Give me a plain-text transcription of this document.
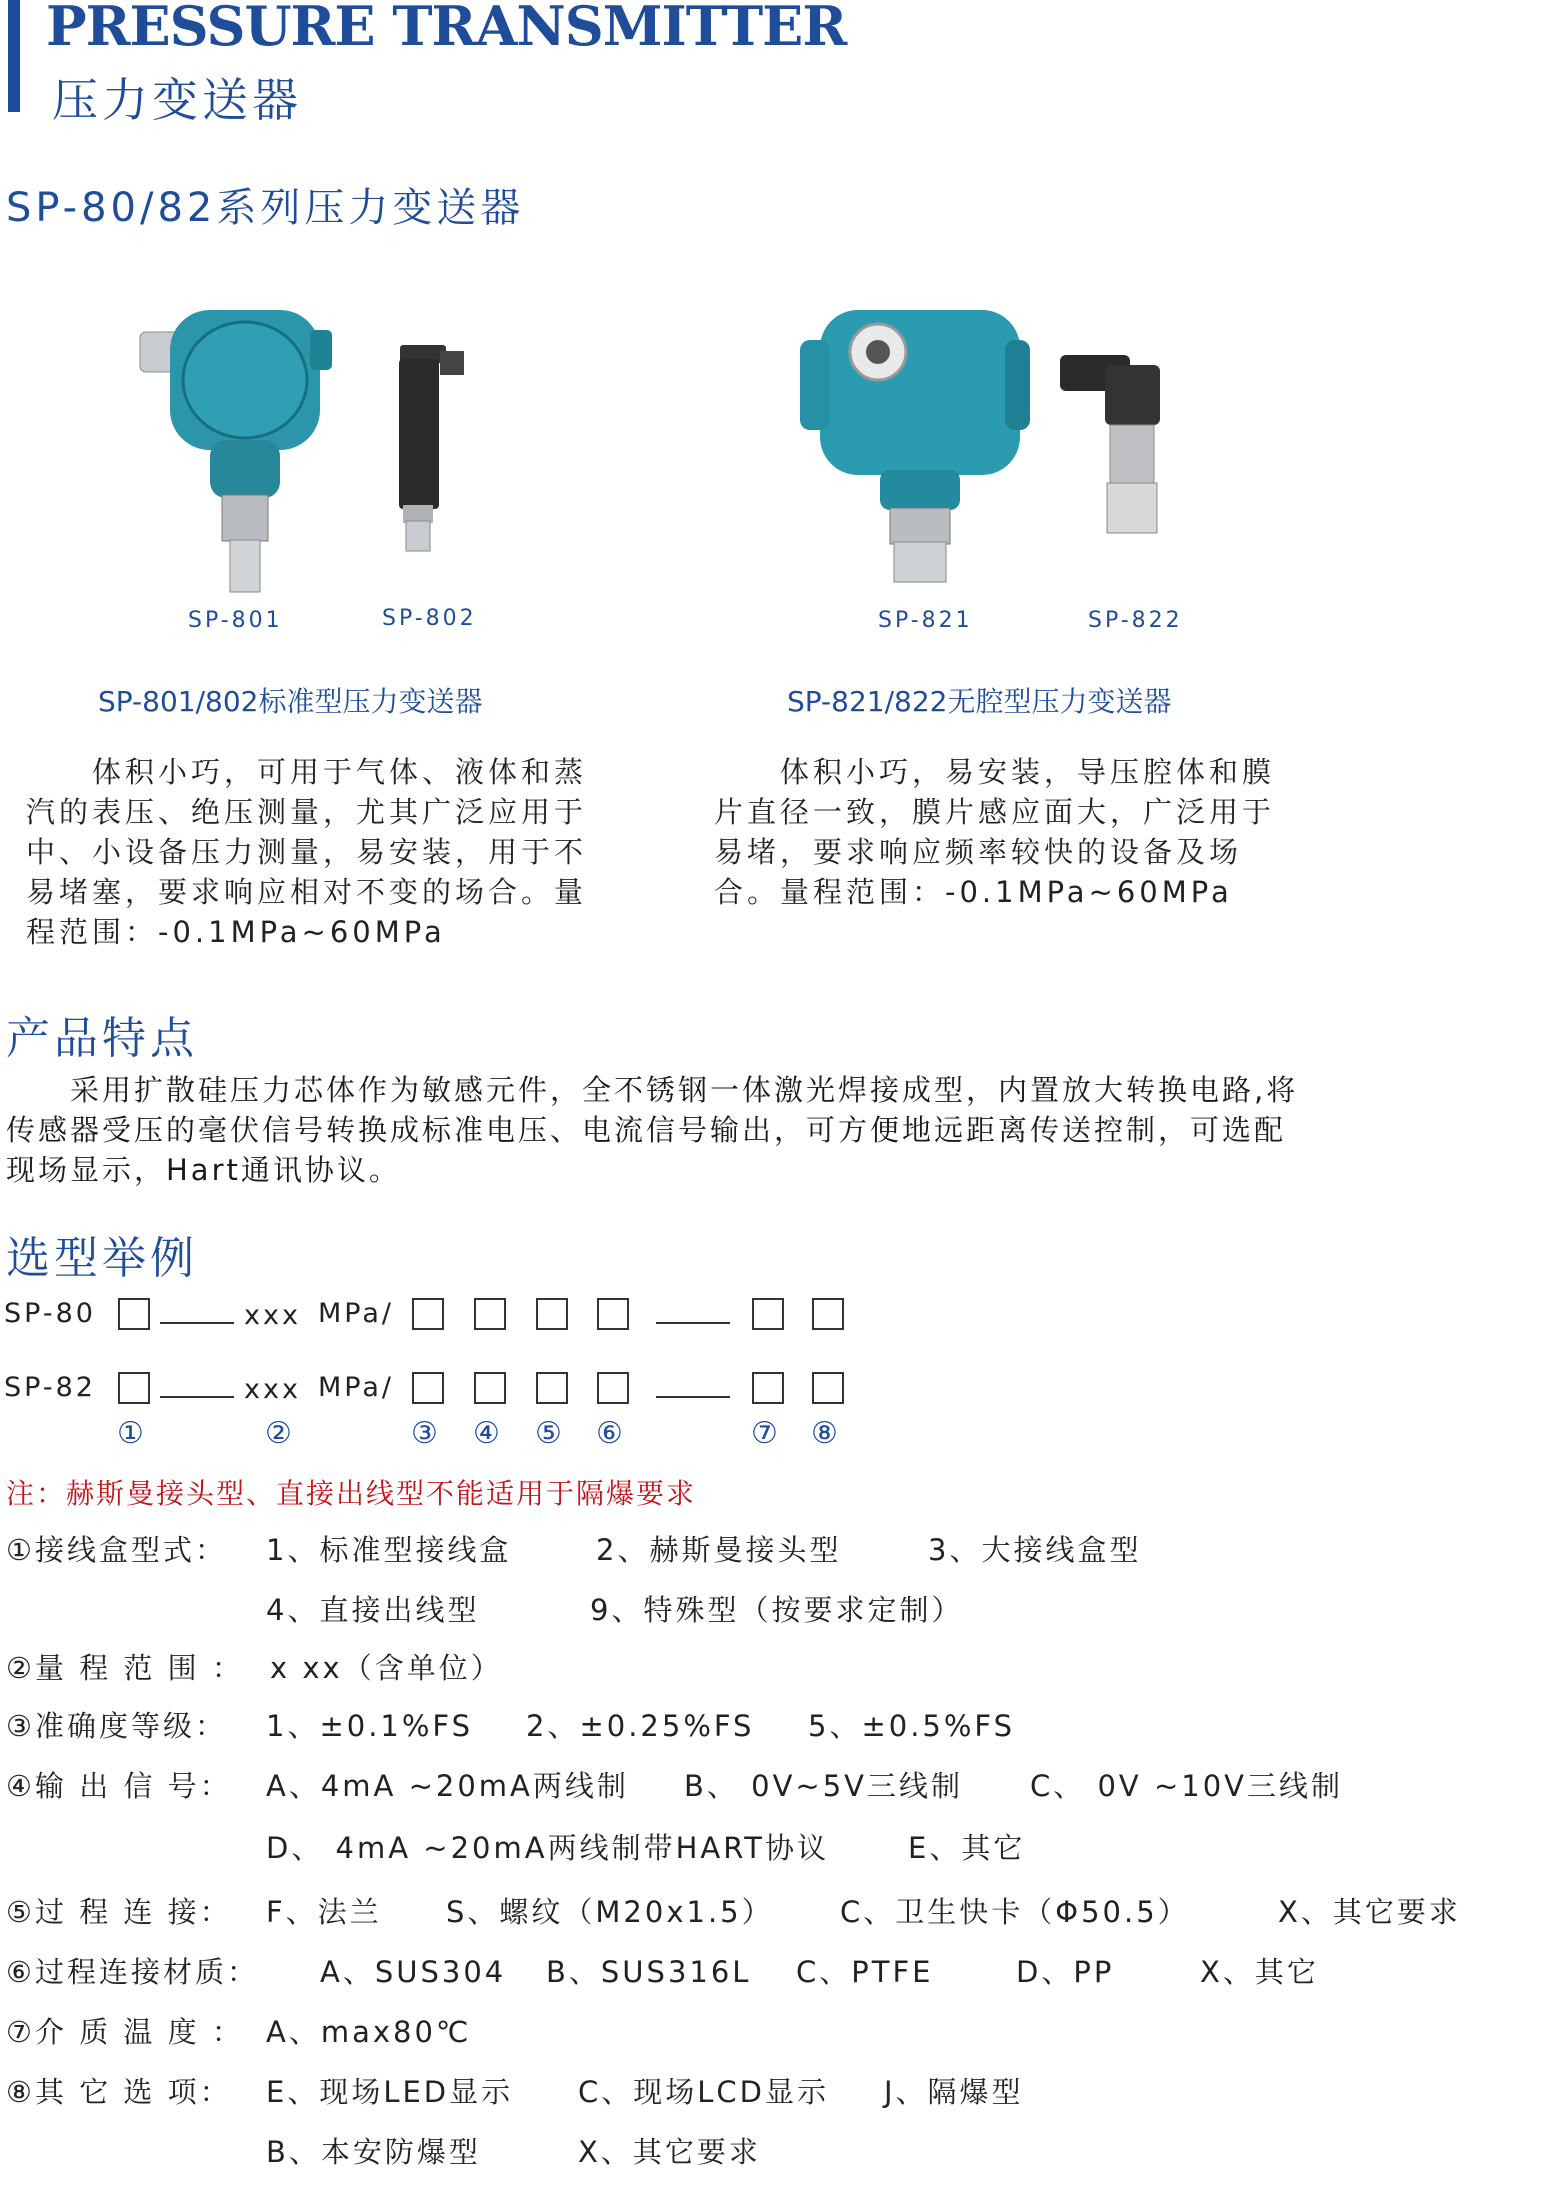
PRESSURE TRANSMITTER
压力变送器
SP-80/82系列压力变送器
SP-801	SP-802	SP-821	SP-822
SP-801/802标准型压力变送器	SP-821/822无腔型压力变送器
　　体积小巧，可用于气体、液体和蒸汽的表压、绝压测量，尤其广泛应用于中、小设备压力测量，易安装，用于不易堵塞，要求响应相对不变的场合。量程范围：-0.1MPa~60MPa
　　体积小巧，易安装，导压腔体和膜片直径一致，膜片感应面大，广泛用于易堵，要求响应频率较快的设备及场合。量程范围：-0.1MPa~60MPa
产品特点
　　采用扩散硅压力芯体作为敏感元件，全不锈钢一体激光焊接成型，内置放大转换电路,将传感器受压的毫伏信号转换成标准电压、电流信号输出，可方便地远距离传送控制，可选配现场显示，Hart通讯协议。
选型举例
SP-80	xxx MPa/
SP-82	xxx MPa/
①	②	③ ④ ⑤ ⑥	⑦ ⑧
注：赫斯曼接头型、直接出线型不能适用于隔爆要求
①接线盒型式： 1、标准型接线盒	2、赫斯曼接头型	3、大接线盒型
4、直接出线型	9、特殊型（按要求定制）
②量 程 范 围 ： x xx（含单位）
③准确度等级： 1、±0.1%FS 2、±0.25%FS 5、±0.5%FS
④输 出 信 号： A、4mA ~20mA两线制 B、 0V~5V三线制 C、 0V ~10V三线制
D、 4mA ~20mA两线制带HART协议	E、其它
⑤过 程 连 接： F、法兰 S、螺纹（M20x1.5） C、卫生快卡（Φ50.5）	X、其它要求
⑥过程连接材质： A、SUS304 B、SUS316L C、PTFE	D、PP	X、其它
⑦介 质 温 度 ： A、max80℃
⑧其 它 选 项： E、现场LED显示 C、现场LCD显示 J、隔爆型
B、本安防爆型	X、其它要求
